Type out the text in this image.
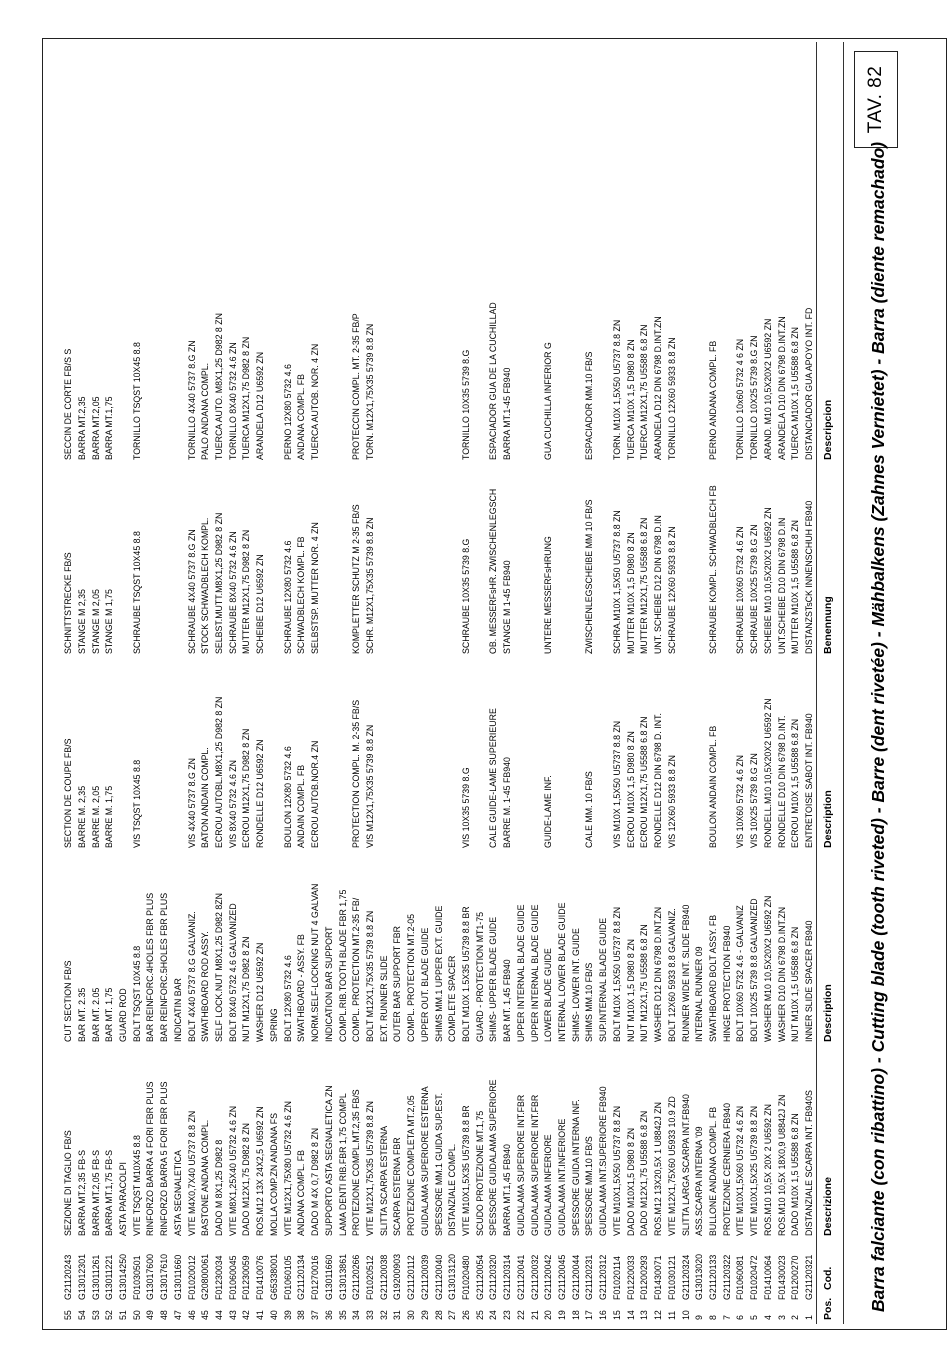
TAV. 82
Barra falciante (con ribattino) - Cutting blade (tooth riveted) - Barre (dent rivetée) - Mähbalkens (Zahnes Vernietet) - Barra (diente remachado)
Pos.
Cod.
Descrizione
Description
Description
Benennung
Descripcion
1
G21120321
DISTANZIALE SCARPA INT. FB940S
INNER SLIDE SPACER FB940
ENTRETOISE SABOT INT. FB940
DISTANZSTsCK INNENSCHUH FB940
DISTANCIADOR GUA APOYO INT. FD
2
F01200270
DADO M10X 1,5 U5588 6.8 ZN
NUT M10X 1,5 U5588 6.8 ZN
ECROU M10X 1,5 U5588 6.8 ZN
MUTTER M10X 1,5 U5588 6.8 ZN
TUERCA M10X 1,5 U5588 6.8 ZN
3
F01430023
ROS.M10 10,5X 18X0,9 U8842J ZN
WASHER D10 DIN 6798 D.INT.ZN
RONDELLE D10 DIN 6798 D.INT.
UNT.SCHEIBE D10 DIN 6798 D.IN
ARANDELA D10 DIN 6798 D.INT.ZN
4
F01410064
ROS.M10 10,5X 20X 2 U6592 ZN
WASHER M10 10,5X20X2 U6592 ZN
RONDELL.M10 10,5X20X2 U6592 ZN
SCHEIBE M10 10,5X20X2 U6592 ZN
ARAND. M10 10,5X20X2 U6592 ZN
5
F01020472
VITE M10X1,5X25 U5739 8.8 ZN
BOLT 10X25 5739 8.8 GALVANIZED
VIS 10X25 5739 8.G ZN
SCHRAUBE 10X25 5739 8.G ZN
TORNILLO 10X25 5739 8.G ZN
6
F01060081
VITE M10X1,5X60 U5732 4.6 ZN
BOLT 10X60 5732 4.6 - GALVANIZ
VIS 10X60 5732 4.6 ZN
SCHRAUBE 10X60 5732 4.6 ZN
TORNILLO 10x60 5732 4 6 ZN
7
G21120322
PROTEZIONE CERNIERA FB940
HINGE PROTECTION FB940
8
G21120133
BULLONE ANDANA COMPL. FB
SWATHBOARD BOLT ASSY. FB
BOULON ANDAIN COMPL. FB
SCHRAUBE KOMPL. SCHWADBLECH FB
PERNO ANDANA COMPL. FB
9
G13013020
ASS.SCARPA INTERNA '09
INTERNAL RUNNER 09
10
G21120324
SLITTA LARGA SCARPA INT.FB940
RUNNER WIDE INT. SLIDE FB940
11
F01030121
VITE M12X1,75X60 U5933 10.9 ZD
BOLT 12X60 5933 8.8 GALVANIZ.
VIS 12X60 5933 8.8 ZN
SCHRAUBE 12X60 5933 8.8 ZN
TORNILLO 12X60 5933 8.8 ZN
12
F01430071
ROS.M12 13X20,5X 1 U8842J ZN
WASHER D12 DIN 6798 D.INT.ZN
RONDELLE D12 DIN 6798 D. INT.
UNT. SCHEIBE D12 DIN 6798 D.IN
ARANDELA D12 DIN 6798 D.INT.ZN
13
F01200293
DADO M12X1,75 U5588 6.8 ZN
NUT M12X1,75 U5588 6.8 ZN
ECROU M12X1,75 U5588 6.8 ZN
MUTTER M12X1,75 U5588 6.8 ZN
TUERCA M12X1,75 U5588 6.8 ZN
14
F01220033
DADO M10X1,5 D980 8 ZN
NUT M10X 1,5 D980 8 ZN
ECROU M10X 1,5 D980 8 ZN
MUTTER M10X 1,5 D980 8 ZN
TUERCA M10X 1,5 D980 8 ZN
15
F01020114
VITE M10X1,5X50 U5737 8.8 ZN
BOLT M10X 1,5X50 U5737 8.8 ZN
VIS M10X 1,5X50 U5737 8.8 ZN
SCHRA.M10X 1,5X50 U5737 8.8 ZN
TORN. M10X 1,5X50 U5737 8.8 ZN
16
G21120312
GUIDALAMA INT.SUPERIORE FB940
SUP.INTERNAL BLADE GUIDE
17
G21120231
SPESSORE MM.10 FB/S
SHIMS MM.10 FB/S
CALE MM. 10 FB/S
ZWISCHENLEGSCHEIBE MM 10 FB/S
ESPACIADOR MM.10 FB/S
18
G21120044
SPESSORE GUIDA INTERNA INF.
SHIMS- LOWER INT. GUIDE
19
G21120045
GUIDALAMA INT.INFERIORE
INTERNAL LOWER BLADE GUIDE
20
G21120042
GUIDALAMA INFERIORE
LOWER BLADE GUIDE
GUIDE-LAME INF.
UNTERE MESSERFsHRUNG
GUA CUCHILLA INFERIOR G
21
G21120032
GUIDALAMA SUPERIORE INT.FBR
UPPER INTERNAL BLADE GUIDE
22
G21120041
GUIDALAMA SUPERIORE INT.FBR
UPPER INTERNAL BLADE GUIDE
23
G21120314
BARRA MT.1,45 FB940
BAR MT. 1,45 FB940
BARRE M. 1-45 FB940
STANGE M 1-45 FB940
BARRA MT.1-45 FB940
24
G21120320
SPESSORE GUIDALAMA SUPERIORE
SHIMS- UPPER BLADE GUIDE
CALE GUIDE-LAME SUPERIEURE
OB. MESSERFsHR. ZWISCHENLEGSCH
ESPACIADOR GUA DE LA CUCHILLAD
25
G21120054
SCUDO PROTEZIONE MT.1,75
GUARD - PROTECTION MT1-75
26
F01020480
VITE M10X1,5X35 U5739 8.8 BR
BOLT M10X 1.5X35 U5739 8.8 BR
VIS 10X35 5739 8.G
SCHRAUBE 10X35 5739 8.G
TORNILLO 10X35 5739 8.G
27
G13013120
DISTANZIALE COMPL.
COMPLETE SPACER
28
G21120040
SPESSORE MM.1 GUIDA SUP.EST.
SHIMS MM.1 UPPER EXT. GUIDE
29
G21120039
GUIDALAMA SUPERIORE ESTERNA
UPPER OUT. BLADE GUIDE
30
G21120112
PROTEZIONE COMPLETA MT.2,05
COMPL. PROTECTION MT.2-05
31
G19200903
SCARPA ESTERNA FBR
OUTER BAR SUPPORT FBR
32
G21120038
SLITTA SCARPA ESTERNA
EXT. RUNNER SLIDE
33
F01020512
VITE M12X1,75X35 U5739 8.8 ZN
BOLT M12X1,75X35 5739 8.8 ZN
VIS M12X1,75X35 5739 8.8 ZN
SCHR. M12X1,75X35 5739 8.8 ZN
TORN. M12X1,75X35 5739 8.8 ZN
34
G21120266
PROTEZIONE COMPL.MT.2,35 FB/S
COMPL. PROTECTION MT.2-35 FB/
PROTECTION COMPL. M. 2-35 FB/S
KOMPLETTER SCHUTZ M 2-35 FB/S
PROTECCIN COMPL. MT. 2-35 FB/P
35
G13013861
LAMA DENTI RIB.FBR 1,75 COMPL
COMPL.RIB.TOOTH BLADE FBR 1,75
36
G13011660
SUPPORTO ASTA SEGNALETICA ZN
INDICATION BAR SUPPORT
37
F01270016
DADO M 4X 0,7 D982 8 ZN
NORM.SELF-LOCKING NUT 4 GALVAN
ECROU AUTOB.NOR.4 ZN
SELBSTSP. MUTTER NOR. 4 ZN
TUERCA AUTOB. NOR. 4 ZN
38
G21120134
ANDANA COMPL. FB
SWATHBOARD - ASSY. FB
ANDAIN COMPL. FB
SCHWADBLECH KOMPL. FB
ANDANA COMPL. FB
39
F01060105
VITE M12X1,75X80 U5732 4.6 ZN
BOLT 12X80 5732 4.6
BOULON 12X80 5732 4.6
SCHRAUBE 12X80 5732 4.6
PERNO 12X80 5732 4.6
40
G65338001
MOLLA COMP.ZN ANDANA FS
SPRING
41
F01410076
ROS.M12 13X 24X2,5 U6592 ZN
WASHER D12 U6592 ZN
RONDELLE D12 U6592 ZN
SCHEIBE D12 U6592 ZN
ARANDELA D12 U6592 ZN
42
F01230059
DADO M12X1,75 D982 8 ZN
NUT M12X1,75 D982 8 ZN
ECROU M12X1,75 D982 8 ZN
MUTTER M12X1,75 D982 8 ZN
TUERCA M12X1,75 D982 8 ZN
43
F01060045
VITE M8X1,25X40 U5732 4.6 ZN
BOLT 8X40 5732 4.6 GALVANIZED
VIS 8X40 5732 4.6 ZN
SCHRAUBE 8X40 5732 4.6 ZN
TORNILLO 8X40 5732 4.6 ZN
44
F01230034
DADO M 8X1,25 D982 8
SELF LOCK.NUT M8X1,25 D982 8ZN
ECROU AUTOBL.M8X1,25 D982 8 ZN
SELBST.MUTT.M8X1,25 D982 8 ZN
TUERCA AUTO. M8X1,25 D982 8 ZN
45
G20800061
BASTONE ANDANA COMPL.
SWATHBOARD ROD ASSY.
BATON ANDAIN COMPL.
STOCK SCHWADBLECH KOMPL.
PALO ANDANA COMPL.
46
F01020012
VITE M4X0,7X40 U5737 8.8 ZN
BOLT 4X40 5737 8.G GALVANIZ.
VIS 4X40 5737 8.G ZN
SCHRAUBE 4X40 5737 8.G ZN
TORNILLO 4X40 5737 8.G ZN
47
G13011660
ASTA SEGNALETICA
INDICATIN BAR
48
G13017610
RINFORZO BARRA 5 FORI FBR PLUS
BAR REINFORC.5HOLES FBR PLUS
49
G13017600
RINFORZO BARRA 4 FORI FBR PLUS
BAR REINFORC.4HOLES FBR PLUS
50
F01030501
VITE TSQST M10X45 8.8
BOLT TSQST 10X45 8.8
VIS TSQST 10X45 8.8
SCHRAUBE TSQST 10X45 8.8
TORNILLO TSQST 10X45 8.8
51
G13014250
ASTA PARACOLPI
GUARD ROD
52
G13011221
BARRA MT.1,75 FB-S
BAR MT. 1,75
BARRE M. 1,75
STANGE M 1,75
BARRA MT.1,75
53
G13011261
BARRA MT.2,05 FB-S
BAR MT. 2.05
BARRE M. 2,05
STANGE M 2,05
BARRA MT.2,05
54
G13012301
BARRA MT.2,35 FB-S
BAR MT. 2.35
BARRE M. 2,35
STANGE M 2,35
BARRA MT.2,35
55
G21120243
SEZIONE DI TAGLIO FB/S
CUT SECTION FB/S
SECTION DE COUPE FB/S
SCHNITTSTRECKE FB/S
SECCIN DE CORTE FB/S S
